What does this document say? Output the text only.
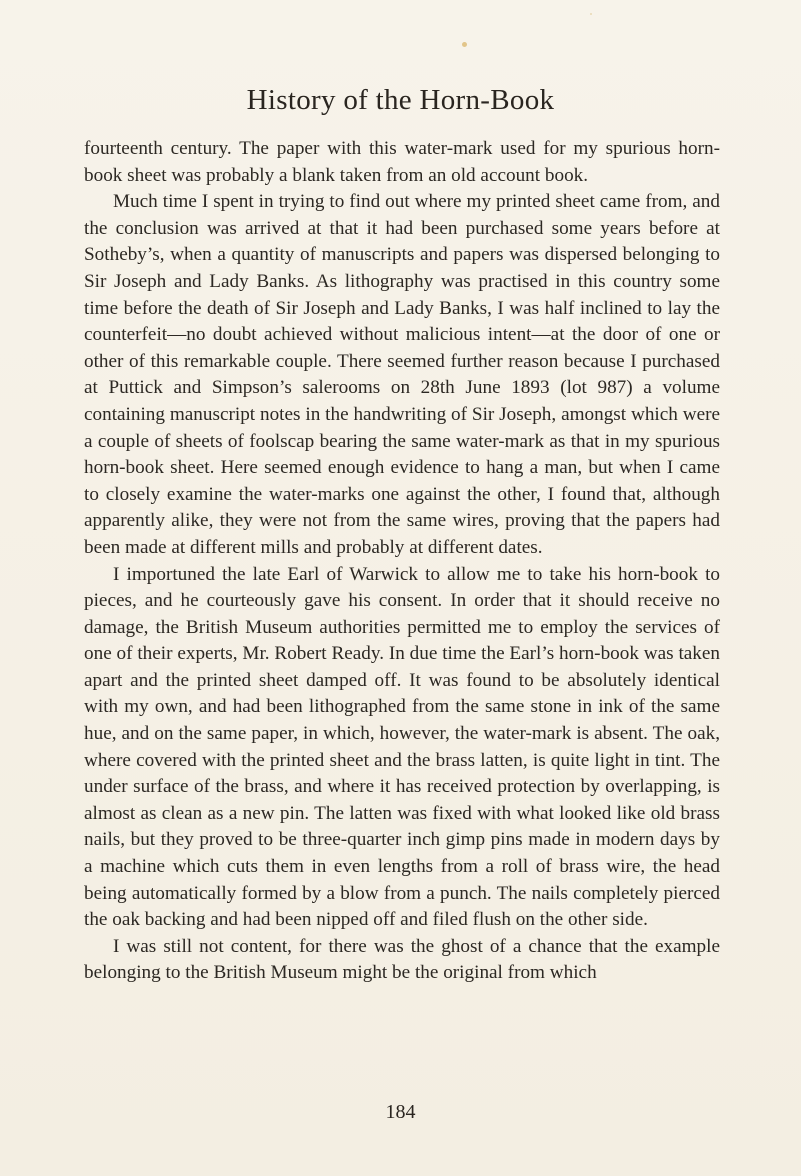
History of the Horn-Book

fourteenth century. The paper with this water-mark used for my spurious horn-book sheet was probably a blank taken from an old account book.

Much time I spent in trying to find out where my printed sheet came from, and the conclusion was arrived at that it had been purchased some years before at Sotheby’s, when a quantity of manuscripts and papers was dispersed belonging to Sir Joseph and Lady Banks. As lithography was practised in this country some time before the death of Sir Joseph and Lady Banks, I was half inclined to lay the counterfeit—no doubt achieved without malicious intent—at the door of one or other of this remarkable couple. There seemed further reason because I purchased at Puttick and Simpson’s salerooms on 28th June 1893 (lot 987) a volume containing manuscript notes in the handwriting of Sir Joseph, amongst which were a couple of sheets of foolscap bearing the same water-mark as that in my spurious horn-book sheet. Here seemed enough evidence to hang a man, but when I came to closely examine the water-marks one against the other, I found that, although apparently alike, they were not from the same wires, proving that the papers had been made at different mills and probably at different dates.

I importuned the late Earl of Warwick to allow me to take his horn-book to pieces, and he courteously gave his consent. In order that it should receive no damage, the British Museum authorities permitted me to employ the services of one of their experts, Mr. Robert Ready. In due time the Earl’s horn-book was taken apart and the printed sheet damped off. It was found to be absolutely identical with my own, and had been lithographed from the same stone in ink of the same hue, and on the same paper, in which, however, the water-mark is absent. The oak, where covered with the printed sheet and the brass latten, is quite light in tint. The under surface of the brass, and where it has received protection by overlapping, is almost as clean as a new pin. The latten was fixed with what looked like old brass nails, but they proved to be three-quarter inch gimp pins made in modern days by a machine which cuts them in even lengths from a roll of brass wire, the head being automatically formed by a blow from a punch. The nails completely pierced the oak backing and had been nipped off and filed flush on the other side.

I was still not content, for there was the ghost of a chance that the example belonging to the British Museum might be the original from which

184
